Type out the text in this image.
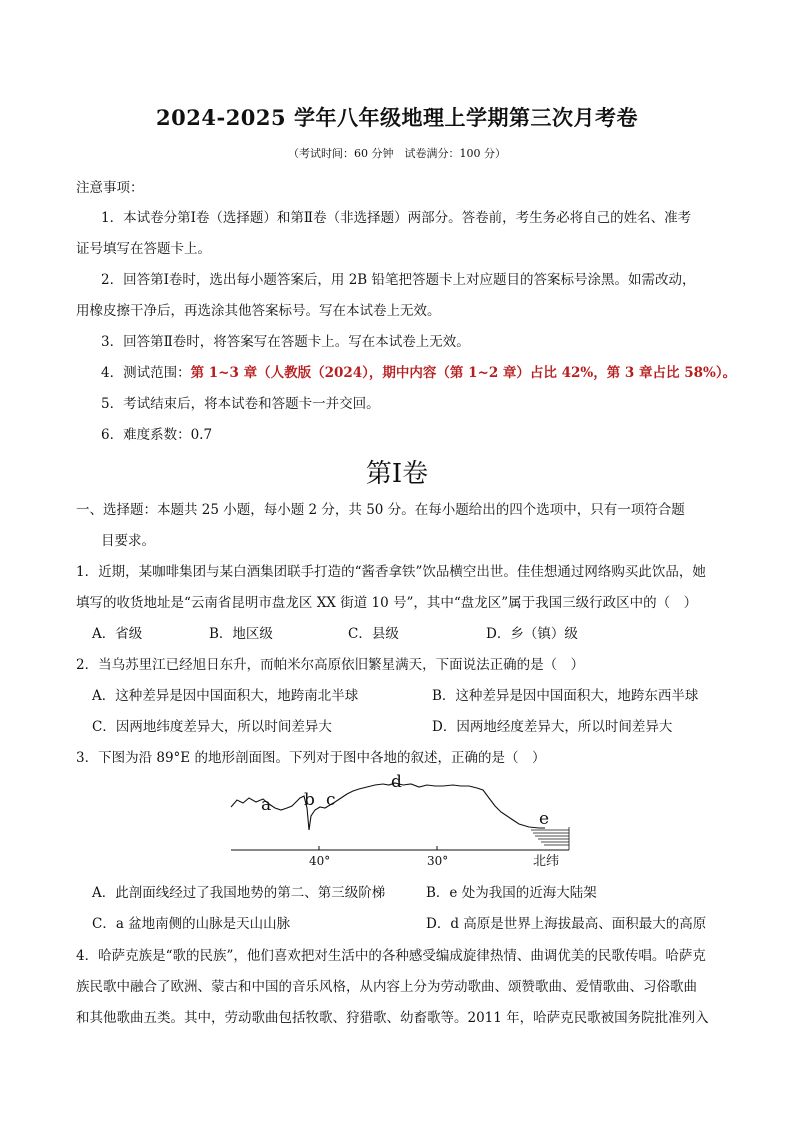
2024-2025 学年八年级地理上学期第三次月考卷
（考试时间：60 分钟　试卷满分：100 分）
注意事项：
1．本试卷分第Ⅰ卷（选择题）和第Ⅱ卷（非选择题）两部分。答卷前，考生务必将自己的姓名、准考
证号填写在答题卡上。
2．回答第Ⅰ卷时，选出每小题答案后，用 2B 铅笔把答题卡上对应题目的答案标号涂黑。如需改动，
用橡皮擦干净后，再选涂其他答案标号。写在本试卷上无效。
3．回答第Ⅱ卷时，将答案写在答题卡上。写在本试卷上无效。
4．测试范围：第 1~3 章（人教版（2024），期中内容（第 1~2 章）占比 42%，第 3 章占比 58%）。
5．考试结束后，将本试卷和答题卡一并交回。
6．难度系数：0.7
第Ⅰ卷
一、选择题：本题共 25 小题，每小题 2 分，共 50 分。在每小题给出的四个选项中，只有一项符合题
目要求。
1．近期，某咖啡集团与某白酒集团联手打造的“酱香拿铁”饮品横空出世。佳佳想通过网络购买此饮品，她
填写的收货地址是“云南省昆明市盘龙区 XX 街道 10 号”，其中“盘龙区”属于我国三级行政区中的（　）
A．省级	B．地区级	C．县级	D．乡（镇）级
2．当乌苏里江已经旭日东升，而帕米尔高原依旧繁星满天，下面说法正确的是（　）
A．这种差异是因中国面积大，地跨南北半球	B．这种差异是因中国面积大，地跨东西半球
C．因两地纬度差异大，所以时间差异大	D．因两地经度差异大，所以时间差异大
3．下图为沿 89°E 的地形剖面图。下列对于图中各地的叙述，正确的是（　）
a b c
d
e
40°	30°	北纬
A．此剖面线经过了我国地势的第二、第三级阶梯	B．e 处为我国的近海大陆架
C．a 盆地南侧的山脉是天山山脉	D．d 高原是世界上海拔最高、面积最大的高原
4．哈萨克族是“歌的民族”，他们喜欢把对生活中的各种感受编成旋律热情、曲调优美的民歌传唱。哈萨克
族民歌中融合了欧洲、蒙古和中国的音乐风格，从内容上分为劳动歌曲、颂赞歌曲、爱情歌曲、习俗歌曲
和其他歌曲五类。其中，劳动歌曲包括牧歌、狩猎歌、幼畜歌等。2011 年，哈萨克民歌被国务院批准列入
